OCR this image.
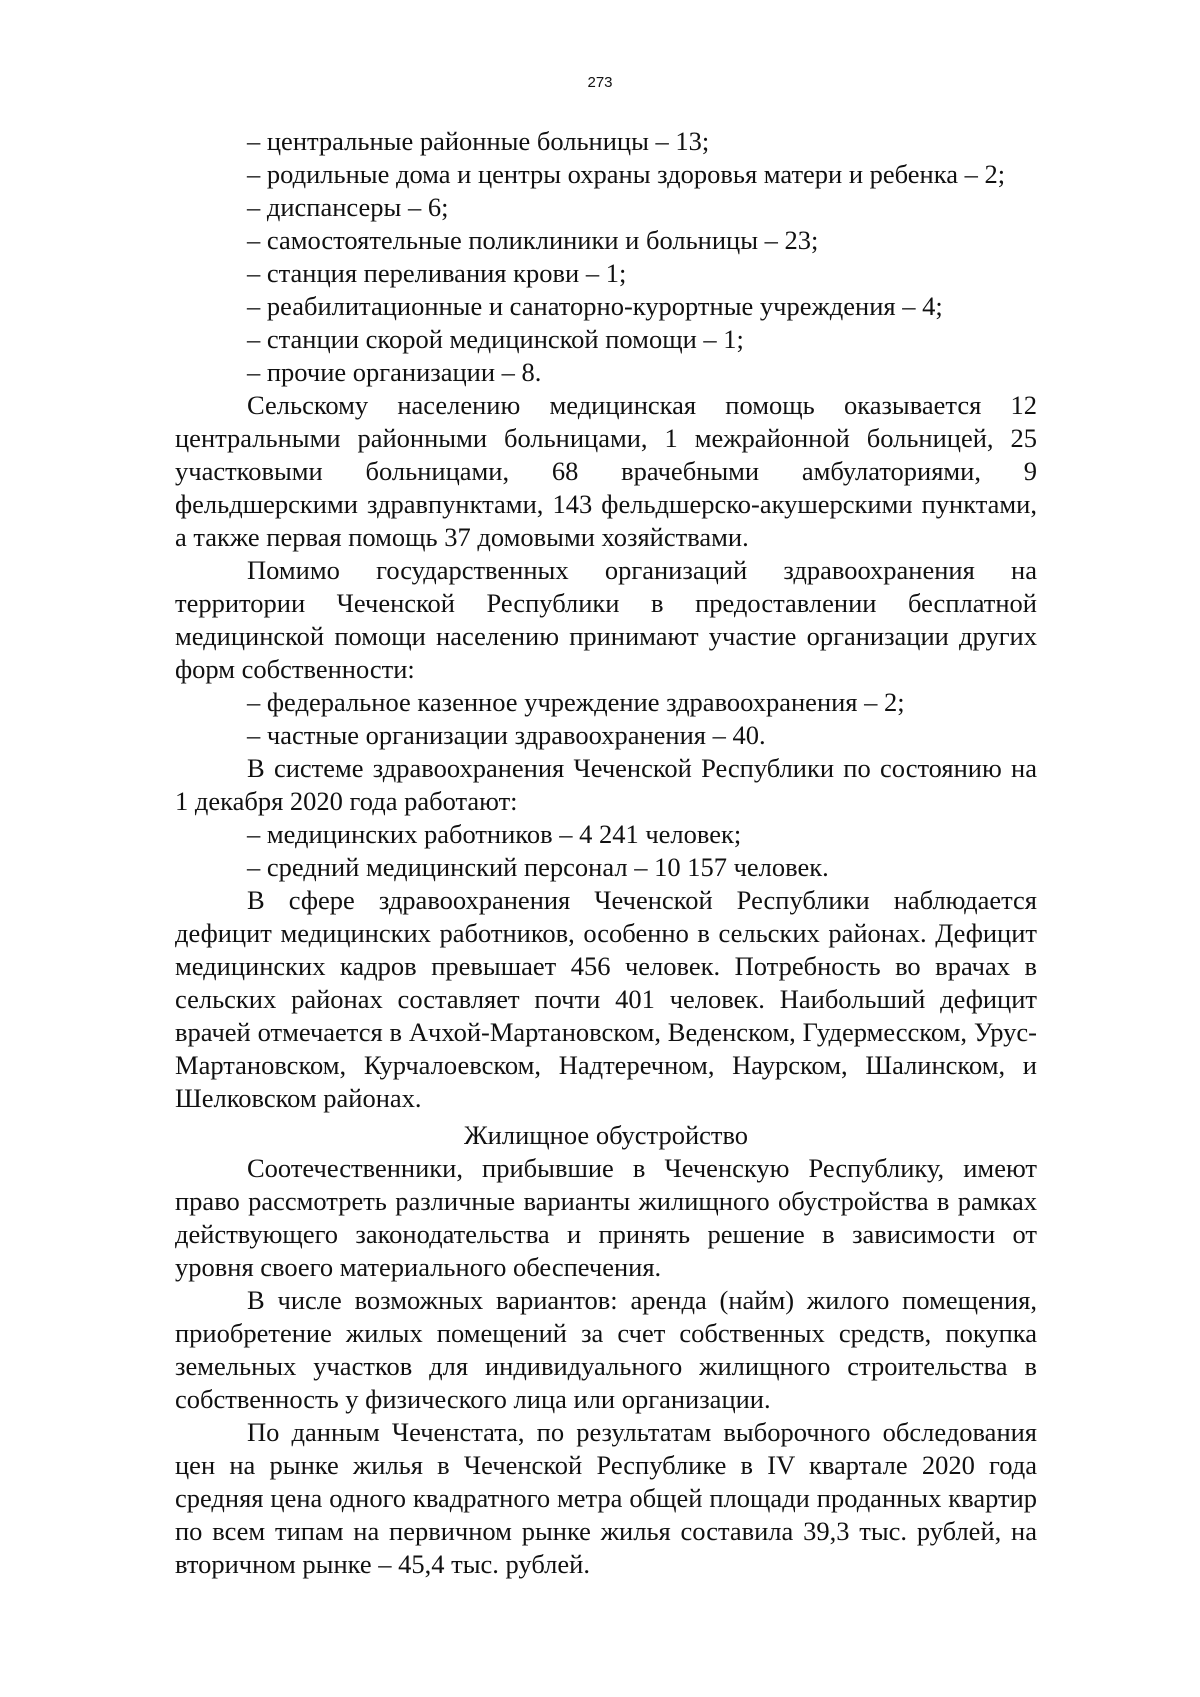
273

– центральные районные больницы – 13;

– родильные дома и центры охраны здоровья матери и ребенка – 2;

– диспансеры – 6;

– самостоятельные поликлиники и больницы – 23;

– станция переливания крови – 1;

– реабилитационные и санаторно-курортные учреждения – 4;

– станции скорой медицинской помощи – 1;

– прочие организации – 8.

Сельскому населению медицинская помощь оказывается 12 центральными районными больницами, 1 межрайонной больницей, 25 участковыми больницами, 68 врачебными амбулаториями, 9 фельдшерскими здравпунктами, 143 фельдшерско-акушерскими пунктами, а также первая помощь 37 домовыми хозяйствами.

Помимо государственных организаций здравоохранения на территории Чеченской Республики в предоставлении бесплатной медицинской помощи населению принимают участие организации других форм собственности:

– федеральное казенное учреждение здравоохранения – 2;

– частные организации здравоохранения – 40.

В системе здравоохранения Чеченской Республики по состоянию на 1 декабря 2020 года работают:

– медицинских работников – 4 241 человек;

– средний медицинский персонал – 10 157 человек.

В сфере здравоохранения Чеченской Республики наблюдается дефицит медицинских работников, особенно в сельских районах. Дефицит медицинских кадров превышает 456 человек. Потребность во врачах в сельских районах составляет почти 401 человек. Наибольший дефицит врачей отмечается в Ачхой-Мартановском, Веденском, Гудермесском, Урус-Мартановском, Курчалоевском, Надтеречном, Наурском, Шалинском, и Шелковском районах.

Жилищное обустройство

Соотечественники, прибывшие в Чеченскую Республику, имеют право рассмотреть различные варианты жилищного обустройства в рамках действующего законодательства и принять решение в зависимости от уровня своего материального обеспечения.

В числе возможных вариантов: аренда (найм) жилого помещения, приобретение жилых помещений за счет собственных средств, покупка земельных участков для индивидуального жилищного строительства в собственность у физического лица или организации.

По данным Чеченстата, по результатам выборочного обследования цен на рынке жилья в Чеченской Республике в IV квартале 2020 года средняя цена одного квадратного метра общей площади проданных квартир по всем типам на первичном рынке жилья составила 39,3 тыс. рублей, на вторичном рынке – 45,4 тыс. рублей.
